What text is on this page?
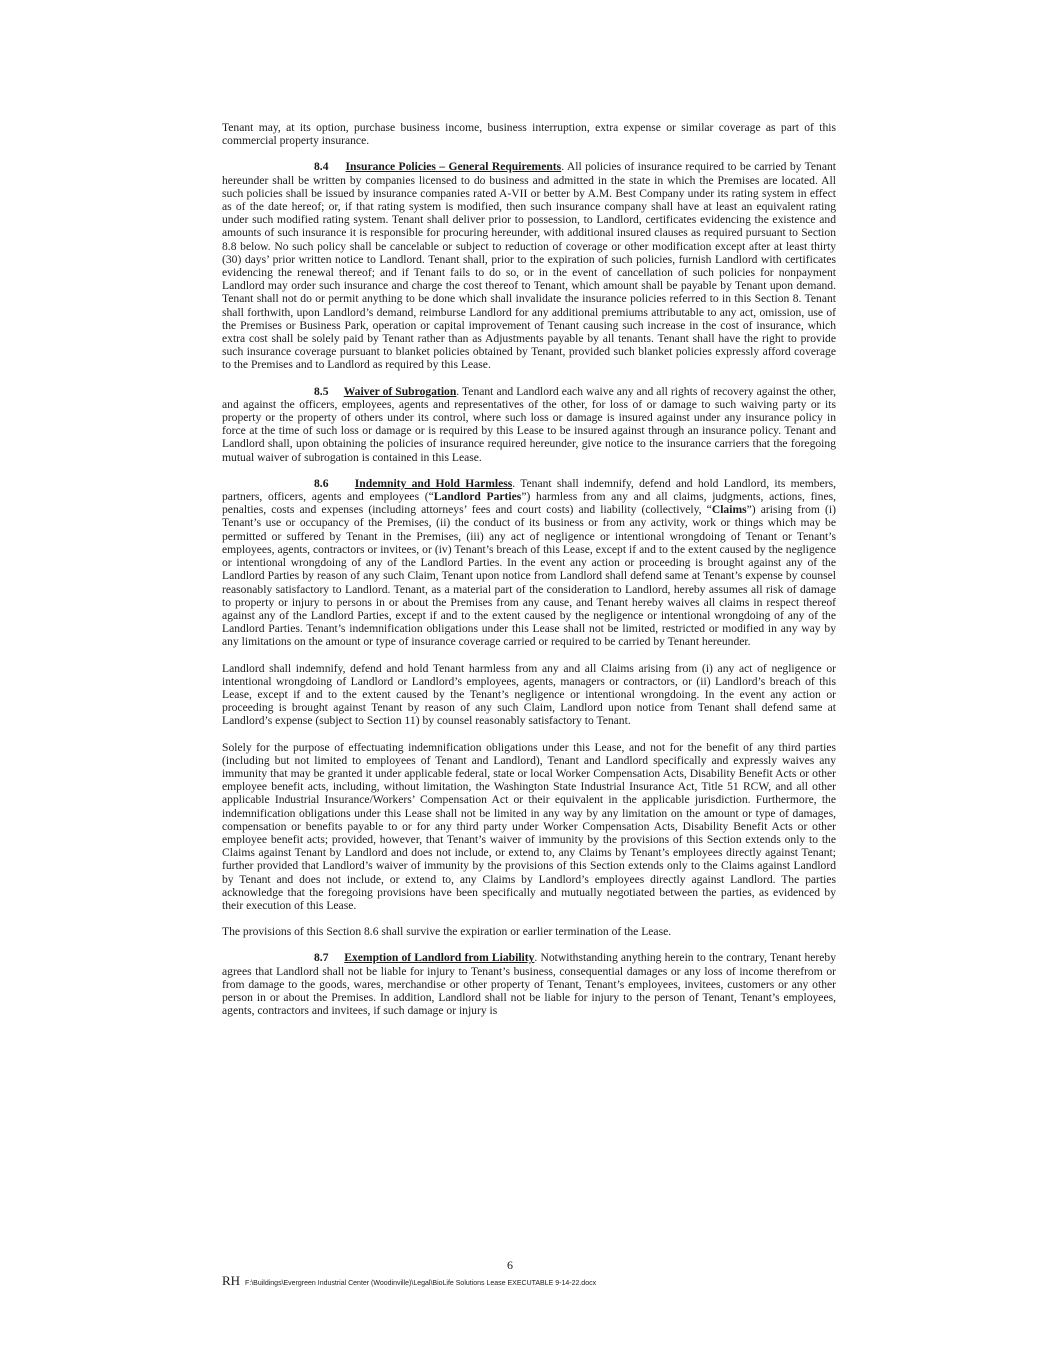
Tenant may, at its option, purchase business income, business interruption, extra expense or similar coverage as part of this commercial property insurance.

8.4 Insurance Policies – General Requirements. All policies of insurance required to be carried by Tenant hereunder shall be written by companies licensed to do business and admitted in the state in which the Premises are located. All such policies shall be issued by insurance companies rated A-VII or better by A.M. Best Company under its rating system in effect as of the date hereof; or, if that rating system is modified, then such insurance company shall have at least an equivalent rating under such modified rating system. Tenant shall deliver prior to possession, to Landlord, certificates evidencing the existence and amounts of such insurance it is responsible for procuring hereunder, with additional insured clauses as required pursuant to Section 8.8 below. No such policy shall be cancelable or subject to reduction of coverage or other modification except after at least thirty (30) days’ prior written notice to Landlord. Tenant shall, prior to the expiration of such policies, furnish Landlord with certificates evidencing the renewal thereof; and if Tenant fails to do so, or in the event of cancellation of such policies for nonpayment Landlord may order such insurance and charge the cost thereof to Tenant, which amount shall be payable by Tenant upon demand. Tenant shall not do or permit anything to be done which shall invalidate the insurance policies referred to in this Section 8. Tenant shall forthwith, upon Landlord’s demand, reimburse Landlord for any additional premiums attributable to any act, omission, use of the Premises or Business Park, operation or capital improvement of Tenant causing such increase in the cost of insurance, which extra cost shall be solely paid by Tenant rather than as Adjustments payable by all tenants. Tenant shall have the right to provide such insurance coverage pursuant to blanket policies obtained by Tenant, provided such blanket policies expressly afford coverage to the Premises and to Landlord as required by this Lease.

8.5 Waiver of Subrogation. Tenant and Landlord each waive any and all rights of recovery against the other, and against the officers, employees, agents and representatives of the other, for loss of or damage to such waiving party or its property or the property of others under its control, where such loss or damage is insured against under any insurance policy in force at the time of such loss or damage or is required by this Lease to be insured against through an insurance policy. Tenant and Landlord shall, upon obtaining the policies of insurance required hereunder, give notice to the insurance carriers that the foregoing mutual waiver of subrogation is contained in this Lease.

8.6 Indemnity and Hold Harmless. Tenant shall indemnify, defend and hold Landlord, its members, partners, officers, agents and employees (“Landlord Parties”) harmless from any and all claims, judgments, actions, fines, penalties, costs and expenses (including attorneys’ fees and court costs) and liability (collectively, “Claims”) arising from (i) Tenant’s use or occupancy of the Premises, (ii) the conduct of its business or from any activity, work or things which may be permitted or suffered by Tenant in the Premises, (iii) any act of negligence or intentional wrongdoing of Tenant or Tenant’s employees, agents, contractors or invitees, or (iv) Tenant’s breach of this Lease, except if and to the extent caused by the negligence or intentional wrongdoing of any of the Landlord Parties. In the event any action or proceeding is brought against any of the Landlord Parties by reason of any such Claim, Tenant upon notice from Landlord shall defend same at Tenant’s expense by counsel reasonably satisfactory to Landlord. Tenant, as a material part of the consideration to Landlord, hereby assumes all risk of damage to property or injury to persons in or about the Premises from any cause, and Tenant hereby waives all claims in respect thereof against any of the Landlord Parties, except if and to the extent caused by the negligence or intentional wrongdoing of any of the Landlord Parties. Tenant’s indemnification obligations under this Lease shall not be limited, restricted or modified in any way by any limitations on the amount or type of insurance coverage carried or required to be carried by Tenant hereunder.

Landlord shall indemnify, defend and hold Tenant harmless from any and all Claims arising from (i) any act of negligence or intentional wrongdoing of Landlord or Landlord’s employees, agents, managers or contractors, or (ii) Landlord’s breach of this Lease, except if and to the extent caused by the Tenant’s negligence or intentional wrongdoing. In the event any action or proceeding is brought against Tenant by reason of any such Claim, Landlord upon notice from Tenant shall defend same at Landlord’s expense (subject to Section 11) by counsel reasonably satisfactory to Tenant.

Solely for the purpose of effectuating indemnification obligations under this Lease, and not for the benefit of any third parties (including but not limited to employees of Tenant and Landlord), Tenant and Landlord specifically and expressly waives any immunity that may be granted it under applicable federal, state or local Worker Compensation Acts, Disability Benefit Acts or other employee benefit acts, including, without limitation, the Washington State Industrial Insurance Act, Title 51 RCW, and all other applicable Industrial Insurance/Workers’ Compensation Act or their equivalent in the applicable jurisdiction. Furthermore, the indemnification obligations under this Lease shall not be limited in any way by any limitation on the amount or type of damages, compensation or benefits payable to or for any third party under Worker Compensation Acts, Disability Benefit Acts or other employee benefit acts; provided, however, that Tenant’s waiver of immunity by the provisions of this Section extends only to the Claims against Tenant by Landlord and does not include, or extend to, any Claims by Tenant’s employees directly against Tenant; further provided that Landlord’s waiver of immunity by the provisions of this Section extends only to the Claims against Landlord by Tenant and does not include, or extend to, any Claims by Landlord’s employees directly against Landlord. The parties acknowledge that the foregoing provisions have been specifically and mutually negotiated between the parties, as evidenced by their execution of this Lease.

The provisions of this Section 8.6 shall survive the expiration or earlier termination of the Lease.

8.7 Exemption of Landlord from Liability. Notwithstanding anything herein to the contrary, Tenant hereby agrees that Landlord shall not be liable for injury to Tenant’s business, consequential damages or any loss of income therefrom or from damage to the goods, wares, merchandise or other property of Tenant, Tenant’s employees, invitees, customers or any other person in or about the Premises. In addition, Landlord shall not be liable for injury to the person of Tenant, Tenant’s employees, agents, contractors and invitees, if such damage or injury is

6
RH F:\Buildings\Evergreen Industrial Center (Woodinville)\Legal\BioLife Solutions Lease EXECUTABLE 9-14-22.docx
